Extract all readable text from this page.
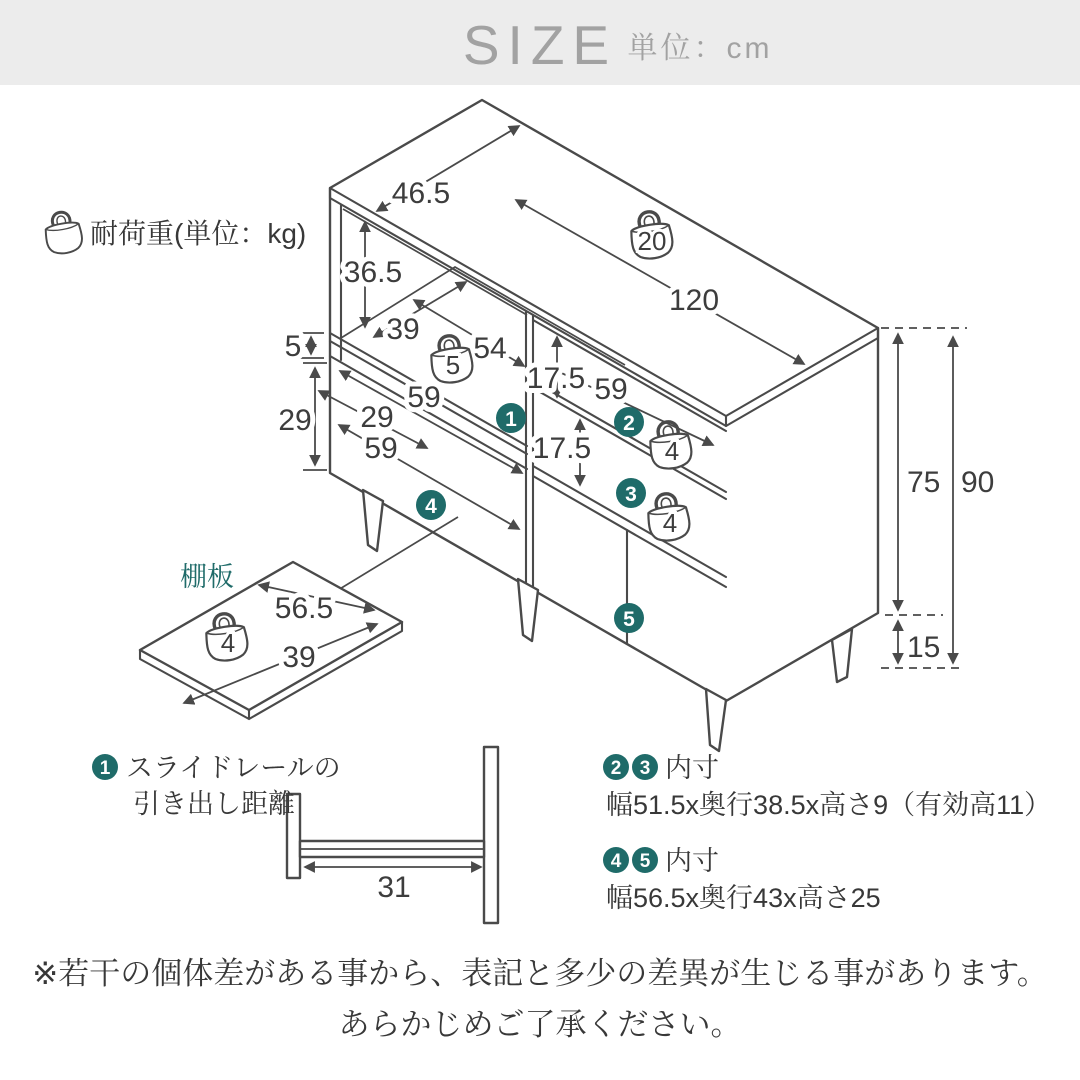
SIZE 単位：cm
耐荷重(単位：kg)
46.5
36.5
120
39
54
5
29
59
29
59
17.5 59
17.5
75 90
15
20
5
4
4
1	2
3
4
5
棚板
56.5
39
4
31
1 スライドレールの
引き出し距離
2 3 内寸
幅51.5x奥行38.5x高さ9（有効高11）
4 5 内寸
幅56.5x奥行43x高さ25
※若干の個体差がある事から、表記と多少の差異が生じる事があります。
あらかじめご了承ください。
